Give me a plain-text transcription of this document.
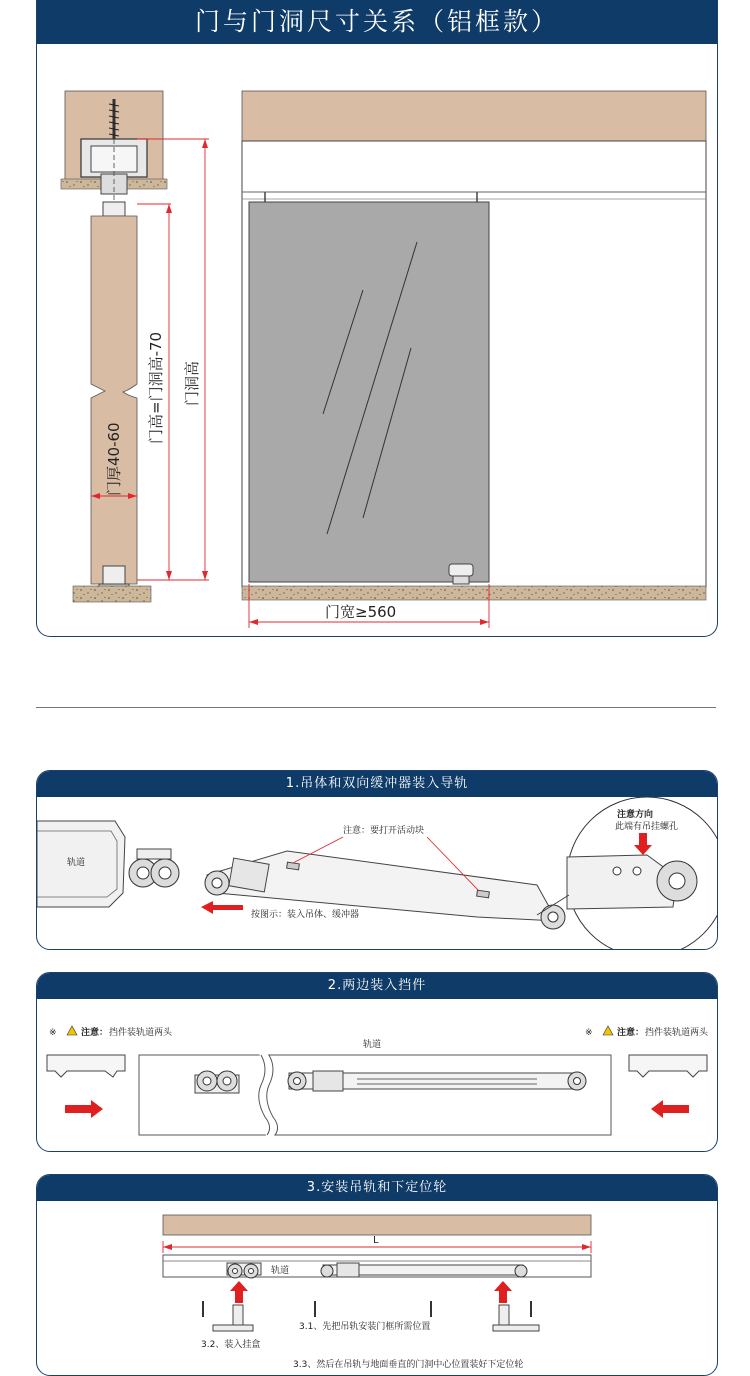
门与门洞尺寸关系（铝框款）
门高=门洞高-70 门洞高
门厚40-60
门宽≥560
1.吊体和双向缓冲器装入导轨
轨道
注意：要打开活动块
按图示：装入吊体、缓冲器
注意方向
此端有吊挂螺孔
2.两边装入挡件
※	注意： 挡件装轨道两头	※	注意： 挡件装轨道两头
轨道
3.安装吊轨和下定位轮
L
轨道
3.1、先把吊轨安装门框所需位置
3.2、装入挂盒
3.3、然后在吊轨与地面垂直的门洞中心位置装好下定位轮
